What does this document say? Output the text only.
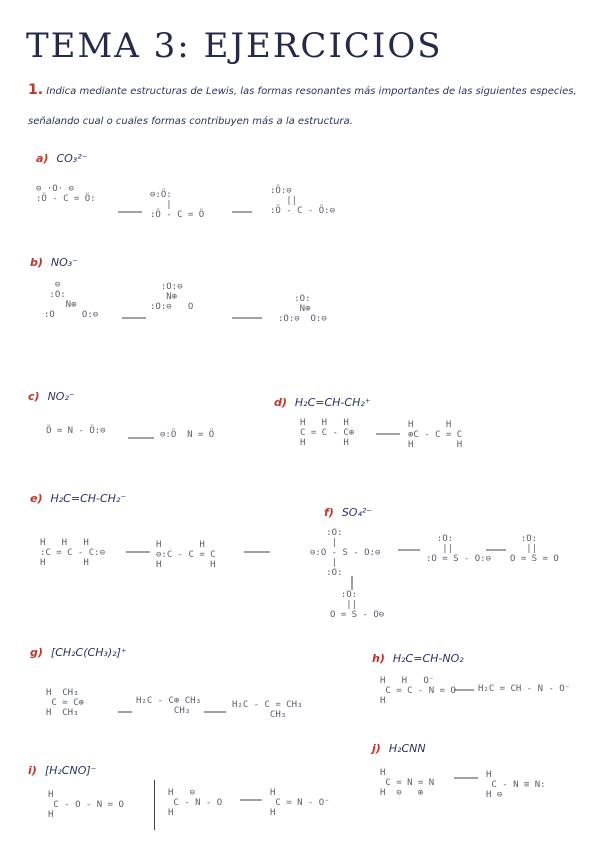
TEMA 3: EJERCICIOS
1. Indica mediante estructuras de Lewis, las formas resonantes más importantes de las siguientes especies,
señalando cual o cuales formas contribuyen más a la estructura.
a) CO₃²⁻
⊖ ·O· ⊖
:Ö - C = Ö:	⊖:Ö:
|
:Ö - C = Ö
:Ö:⊖
||
:Ö - C - Ö:⊖
b) NO₃⁻
⊖
:O:
N⊕
:O     O:⊖
:O:⊖
N⊕
:O:⊖   O
:O:
N⊕
:O:⊖  O:⊖
c) NO₂⁻
Ö = N - Ö:⊖	⊖:Ö  N = Ö
d) H₂C=CH-CH₂⁺
H   H   H
C = C - C⊕
H       H
H      H
⊕C - C = C
H        H
e) H₂C=CH-CH₂⁻
H   H   H
:C = C - C:⊖
H       H
H       H
⊖:C - C = C
H         H
f) SO₄²⁻
:O:
|
⊖:O - S - O:⊖
|
:O:
:O:
||
:O = S - O:⊖
:O:
||
O = S = O
:O:
||
O = S - O⊖
g) [CH₂C(CH₃)₂]⁺
H  CH₃
C = C⊕
H  CH₃
H₂C - C⊕ CH₃
CH₃
H₂C - C = CH₃
CH₃
h) H₂C=CH-NO₂
H   H   O⁻
C = C - N = O
H
H₂C = CH - N - O⁻
i) [H₂CNO]⁻
H
C - O - N = O
H
H   ⊖
C - N - O
H
H
C = N - O⁻
H
j) H₂CNN
H
C = N = N
H  ⊖   ⊕
H
C - N ≡ N:
H ⊖
